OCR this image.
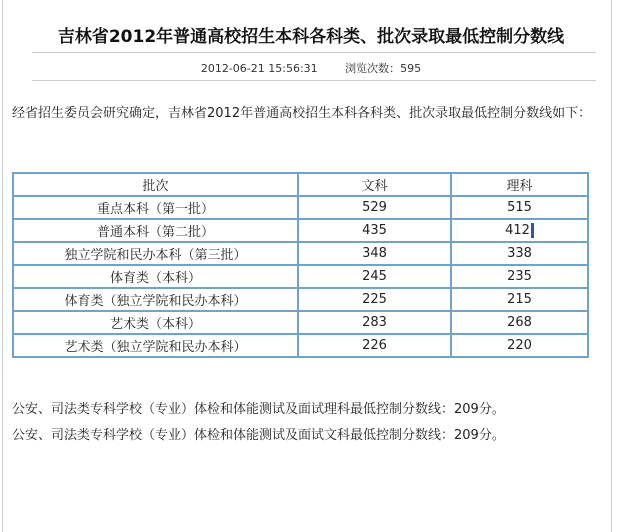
吉林省2012年普通高校招生本科各科类、批次录取最低控制分数线
2012-06-21 15:56:31	浏览次数：595
经省招生委员会研究确定，吉林省2012年普通高校招生本科各科类、批次录取最低控制分数线如下：
批次	文科	理科
重点本科（第一批）	529	515
普通本科（第二批）	435	412
独立学院和民办本科（第三批）	348	338
体育类（本科）	245	235
体育类（独立学院和民办本科）	225	215
艺术类（本科）	283	268
艺术类（独立学院和民办本科）	226	220
公安、司法类专科学校（专业）体检和体能测试及面试理科最低控制分数线：209分。
公安、司法类专科学校（专业）体检和体能测试及面试文科最低控制分数线：209分。
